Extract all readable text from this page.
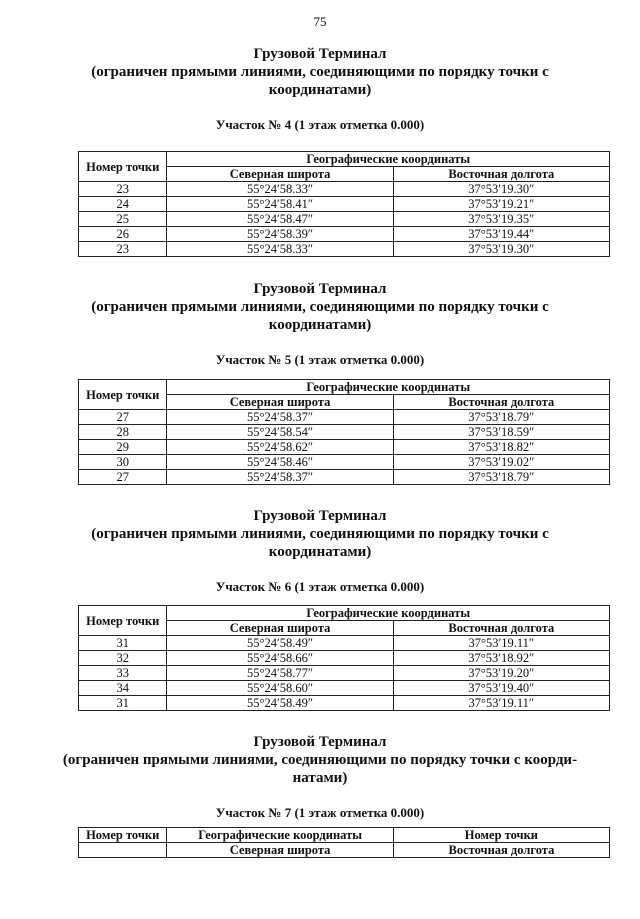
75
Грузовой Терминал
(ограничен прямыми линиями, соединяющими по порядку точки с координатами)
Участок № 4 (1 этаж отметка 0.000)
Номер точки	Географические координаты	
	Северная широта	Восточная долгота
23	55°24′58.33″	37°53′19.30″
24	55°24′58.41″	37°53′19.21″
25	55°24′58.47″	37°53′19.35″
26	55°24′58.39″	37°53′19.44″
23	55°24′58.33″	37°53′19.30″
Грузовой Терминал
(ограничен прямыми линиями, соединяющими по порядку точки с координатами)
Участок № 5 (1 этаж отметка 0.000)
Номер точки	Географические координаты	
	Северная широта	Восточная долгота
27	55°24′58.37″	37°53′18.79″
28	55°24′58.54″	37°53′18.59″
29	55°24′58.62″	37°53′18.82″
30	55°24′58.46″	37°53′19.02″
27	55°24′58.37″	37°53′18.79″
Грузовой Терминал
(ограничен прямыми линиями, соединяющими по порядку точки с координатами)
Участок № 6 (1 этаж отметка 0.000)
Номер точки	Географические координаты	
	Северная широта	Восточная долгота
31	55°24′58.49″	37°53′19.11″
32	55°24′58.66″	37°53′18.92″
33	55°24′58.77″	37°53′19.20″
34	55°24′58.60″	37°53′19.40″
31	55°24′58.49″	37°53′19.11″
Грузовой Терминал
(ограничен прямыми линиями, соединяющими по порядку точки с коорди-натами)
Участок № 7 (1 этаж отметка 0.000)
Номер точки	Географические координаты	Номер точки
	Северная широта	Восточная долгота
